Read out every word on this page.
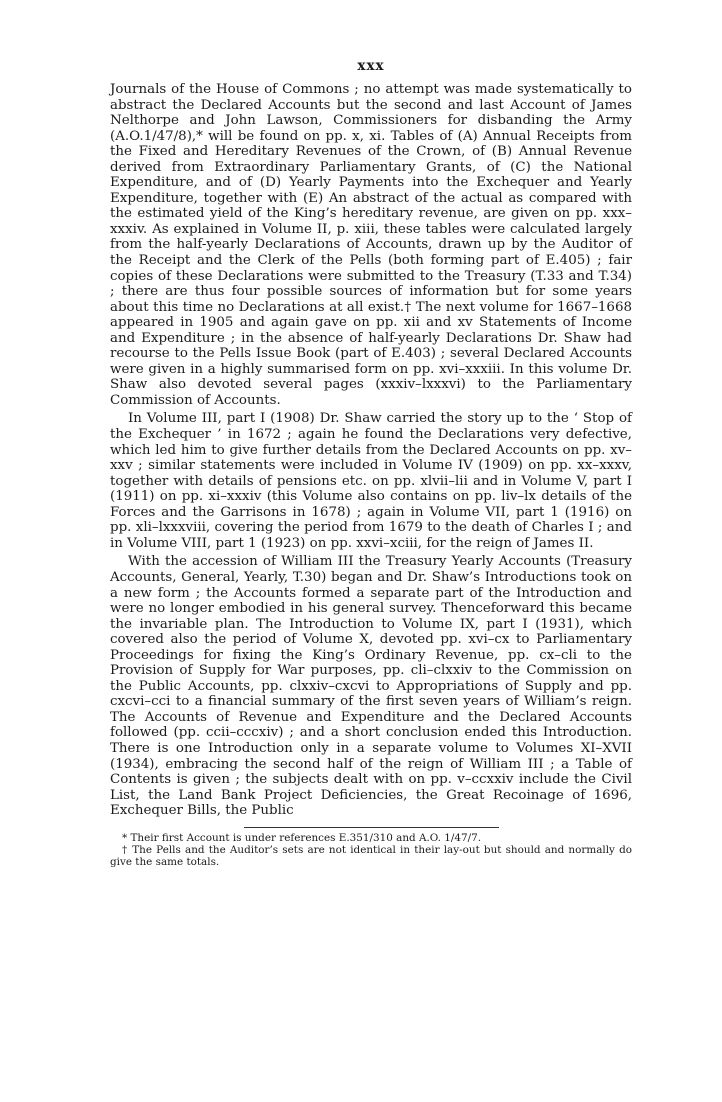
xxx

Journals of the House of Commons ; no attempt was made systematically to abstract the Declared Accounts but the second and last Account of James Nelthorpe and John Lawson, Commissioners for disbanding the Army (A.O.1/47/8),* will be found on pp. x, xi. Tables of (A) Annual Receipts from the Fixed and Hereditary Revenues of the Crown, of (B) Annual Revenue derived from Extraordinary Parliamentary Grants, of (C) the National Expenditure, and of (D) Yearly Payments into the Exchequer and Yearly Expenditure, together with (E) An abstract of the actual as compared with the estimated yield of the King’s hereditary revenue, are given on pp. xxx–xxxiv. As explained in Volume II, p. xiii, these tables were calculated largely from the half-yearly Declarations of Accounts, drawn up by the Auditor of the Receipt and the Clerk of the Pells (both forming part of E.405) ; fair copies of these Declarations were submitted to the Treasury (T.33 and T.34) ; there are thus four possible sources of information but for some years about this time no Declarations at all exist.† The next volume for 1667–1668 appeared in 1905 and again gave on pp. xii and xv Statements of Income and Expenditure ; in the absence of half-yearly Declarations Dr. Shaw had recourse to the Pells Issue Book (part of E.403) ; several Declared Accounts were given in a highly summarised form on pp. xvi–xxxiii. In this volume Dr. Shaw also devoted several pages (xxxiv–lxxxvi) to the Parliamentary Commission of Accounts.

In Volume III, part I (1908) Dr. Shaw carried the story up to the ‘ Stop of the Exchequer ’ in 1672 ; again he found the Declarations very defective, which led him to give further details from the Declared Accounts on pp. xv–xxv ; similar statements were included in Volume IV (1909) on pp. xx–xxxv, together with details of pensions etc. on pp. xlvii–lii and in Volume V, part I (1911) on pp. xi–xxxiv (this Volume also contains on pp. liv–lx details of the Forces and the Garrisons in 1678) ; again in Volume VII, part 1 (1916) on pp. xli–lxxxviii, covering the period from 1679 to the death of Charles I ; and in Volume VIII, part 1 (1923) on pp. xxvi–xciii, for the reign of James II.

With the accession of William III the Treasury Yearly Accounts (Treasury Accounts, General, Yearly, T.30) began and Dr. Shaw’s Introductions took on a new form ; the Accounts formed a separate part of the Introduction and were no longer embodied in his general survey. Thenceforward this became the invariable plan. The Introduction to Volume IX, part I (1931), which covered also the period of Volume X, devoted pp. xvi–cx to Parliamentary Proceedings for fixing the King’s Ordinary Revenue, pp. cx–cli to the Provision of Supply for War purposes, pp. cli–clxxiv to the Commission on the Public Accounts, pp. clxxiv–cxcvi to Appropriations of Supply and pp. cxcvi–cci to a financial summary of the first seven years of William’s reign. The Accounts of Revenue and Expenditure and the Declared Accounts followed (pp. ccii–cccxiv) ; and a short conclusion ended this Introduction. There is one Introduction only in a separate volume to Volumes XI–XVII (1934), embracing the second half of the reign of William III ; a Table of Contents is given ; the subjects dealt with on pp. v–ccxxiv include the Civil List, the Land Bank Project Deficiencies, the Great Recoinage of 1696, Exchequer Bills, the Public

* Their first Account is under references E.351/310 and A.O. 1/47/7.

† The Pells and the Auditor’s sets are not identical in their lay-out but should and normally do give the same totals.
